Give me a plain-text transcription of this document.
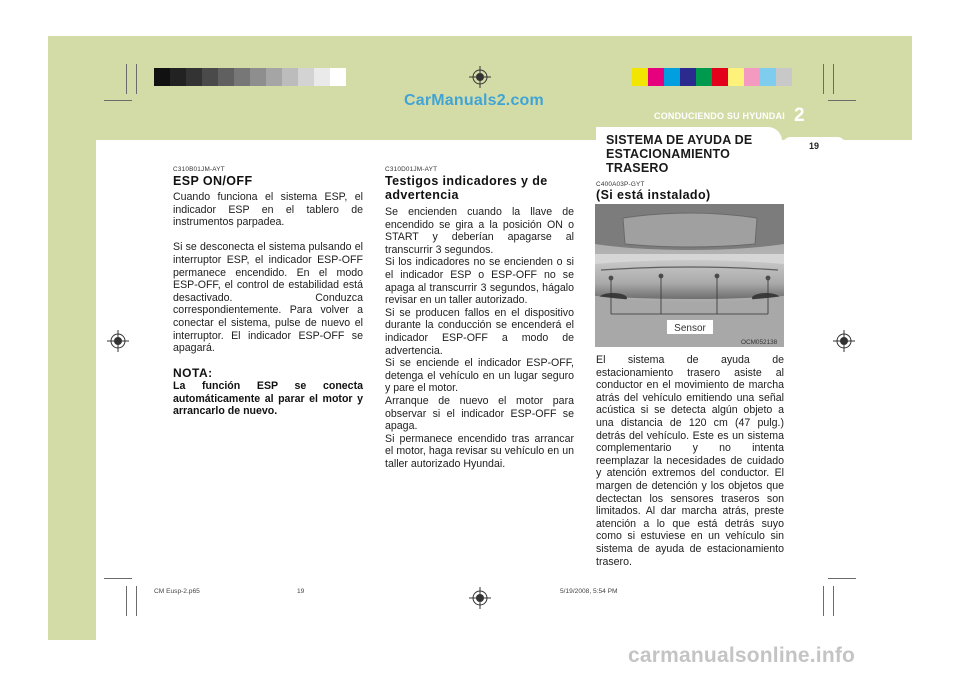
CarManuals2.com
carmanualsonline.info
CONDUCIENDO SU HYUNDAI 2
19
SISTEMA DE AYUDA DE ESTACIONAMIENTO TRASERO
C310B01JM-AYT
ESP ON/OFF

Cuando funciona el sistema ESP, el indicador ESP en el tablero de instrumentos parpadea.

Si se desconecta el sistema pulsando el interruptor ESP, el indicador ESP-OFF permanece encendido. En el modo ESP-OFF, el control de estabilidad está desactivado. Conduzca correspondientemente. Para volver a conectar el sistema, pulse de nuevo el interruptor. El indicador ESP-OFF se apagará.

NOTA:
La función ESP se conecta automáticamente al parar el motor y arrancarlo de nuevo.
C310D01JM-AYT
Testigos indicadores y de advertencia

Se encienden cuando la llave de encendido se gira a la posición ON o START y deberían apagarse al transcurrir 3 segundos.

Si los indicadores no se encienden o si el indicador ESP o ESP-OFF no se apaga al transcurrir 3 segundos, hágalo revisar en un taller autorizado.

Si se producen fallos en el dispositivo durante la conducción se encenderá el indicador ESP-OFF a modo de advertencia.

Si se enciende el indicador ESP-OFF, detenga el vehículo en un lugar seguro y pare el motor.

Arranque de nuevo el motor para observar si el indicador ESP-OFF se apaga.

Si permanece encendido tras arrancar el motor, haga revisar su vehículo en un taller autorizado Hyundai.

C400A03P-GYT
(Si está instalado)
Sensor
OCM052138
El sistema de ayuda de estacionamiento trasero asiste al conductor en el movimiento de marcha atrás del vehículo emitiendo una señal acústica si se detecta algún objeto a una distancia de 120 cm (47 pulg.) detrás del vehículo. Este es un sistema complementario y no intenta reemplazar la necesidades de cuidado y atención extremos del conductor. El margen de detención y los objetos que dectectan los sensores traseros son limitados. Al dar marcha atrás, preste atención a lo que está detrás suyo como si estuviese en un vehículo sin sistema de ayuda de estacionamiento trasero.
CM Eusp-2.p65	19	5/19/2008, 5:54 PM
